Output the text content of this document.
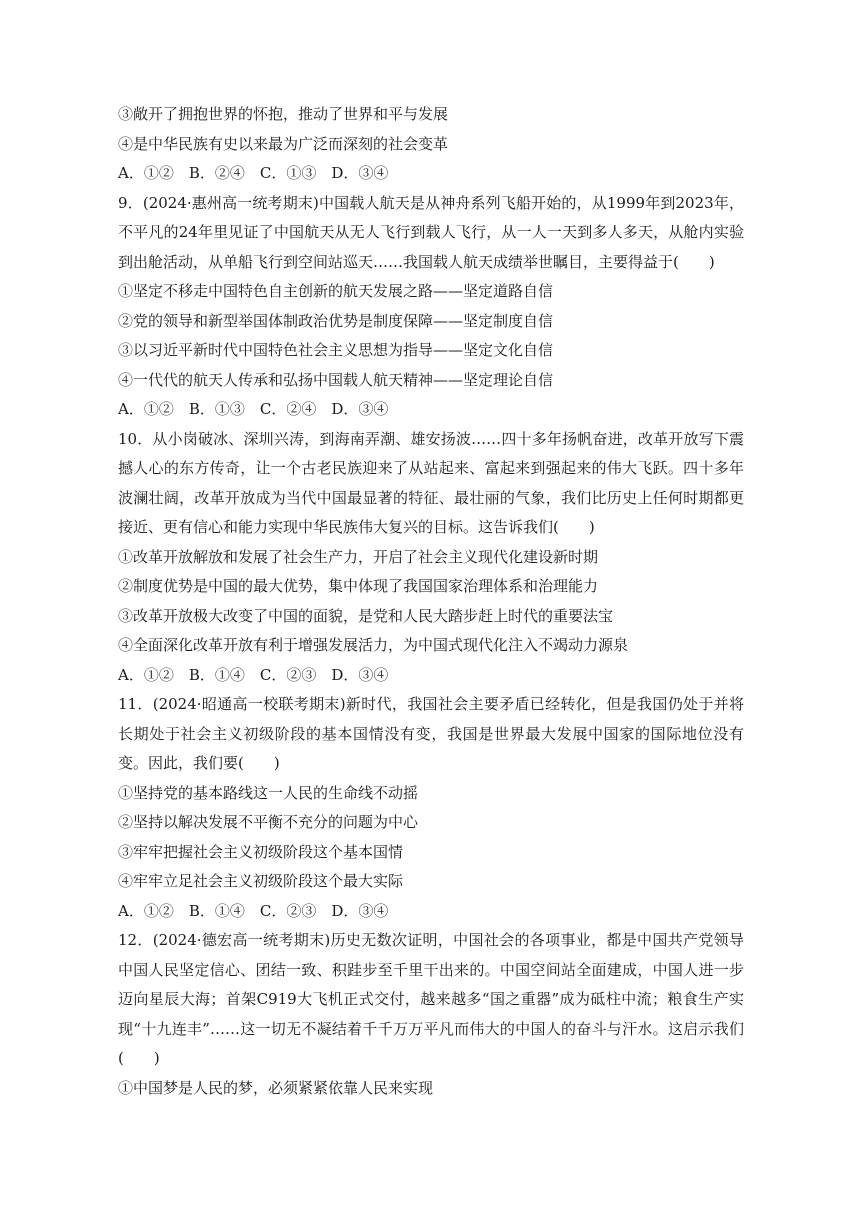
③敞开了拥抱世界的怀抱，推动了世界和平与发展
④是中华民族有史以来最为广泛而深刻的社会变革
A．①②　B．②④　C．①③　D．③④
9．(2024·惠州高一统考期末)中国载人航天是从神舟系列飞船开始的，从1999年到2023年，不平凡的24年里见证了中国航天从无人飞行到载人飞行，从一人一天到多人多天，从舱内实验到出舱活动，从单船飞行到空间站巡天……我国载人航天成绩举世瞩目，主要得益于(　　)
①坚定不移走中国特色自主创新的航天发展之路——坚定道路自信
②党的领导和新型举国体制政治优势是制度保障——坚定制度自信
③以习近平新时代中国特色社会主义思想为指导——坚定文化自信
④一代代的航天人传承和弘扬中国载人航天精神——坚定理论自信
A．①②　B．①③　C．②④　D．③④
10．从小岗破冰、深圳兴涛，到海南弄潮、雄安扬波……四十多年扬帆奋进，改革开放写下震撼人心的东方传奇，让一个古老民族迎来了从站起来、富起来到强起来的伟大飞跃。四十多年波澜壮阔，改革开放成为当代中国最显著的特征、最壮丽的气象，我们比历史上任何时期都更接近、更有信心和能力实现中华民族伟大复兴的目标。这告诉我们(　　)
①改革开放解放和发展了社会生产力，开启了社会主义现代化建设新时期
②制度优势是中国的最大优势，集中体现了我国国家治理体系和治理能力
③改革开放极大改变了中国的面貌，是党和人民大踏步赶上时代的重要法宝
④全面深化改革开放有利于增强发展活力，为中国式现代化注入不竭动力源泉
A．①②　B．①④　C．②③　D．③④
11．(2024·昭通高一校联考期末)新时代，我国社会主要矛盾已经转化，但是我国仍处于并将长期处于社会主义初级阶段的基本国情没有变，我国是世界最大发展中国家的国际地位没有变。因此，我们要(　　)
①坚持党的基本路线这一人民的生命线不动摇
②坚持以解决发展不平衡不充分的问题为中心
③牢牢把握社会主义初级阶段这个基本国情
④牢牢立足社会主义初级阶段这个最大实际
A．①②　B．①④　C．②③　D．③④
12．(2024·德宏高一统考期末)历史无数次证明，中国社会的各项事业，都是中国共产党领导中国人民坚定信心、团结一致、积跬步至千里干出来的。中国空间站全面建成，中国人进一步迈向星辰大海；首架C919大飞机正式交付，越来越多“国之重器”成为砥柱中流；粮食生产实现“十九连丰”……这一切无不凝结着千千万万平凡而伟大的中国人的奋斗与汗水。这启示我们(　　)
①中国梦是人民的梦，必须紧紧依靠人民来实现
